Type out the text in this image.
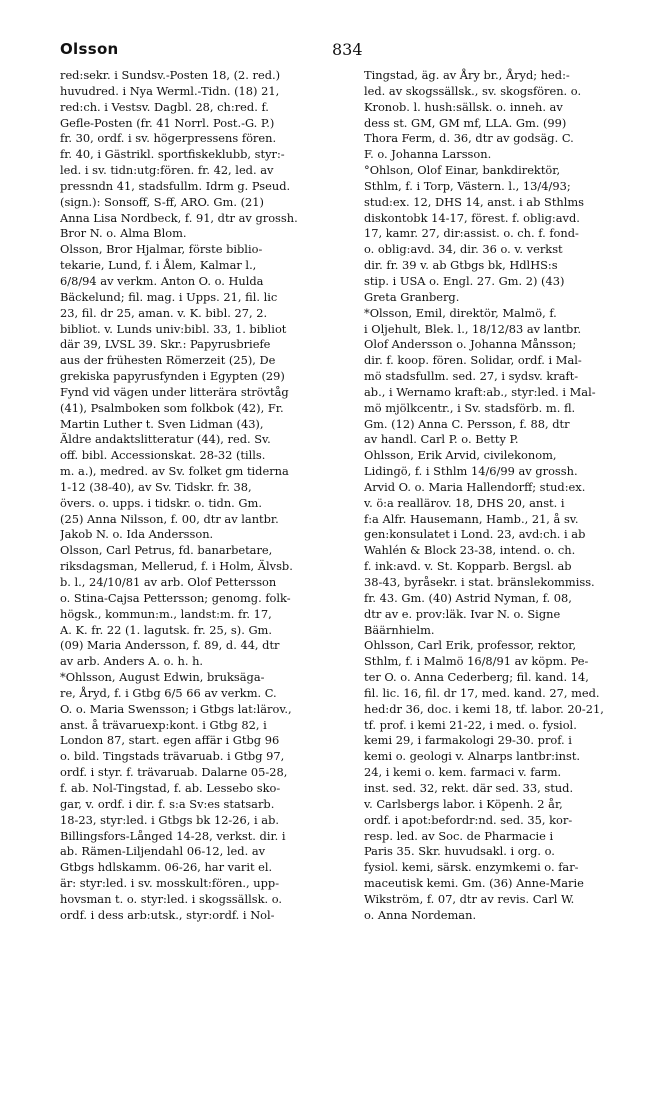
Olsson	834
red:sekr. i Sundsv.-Posten 18, (2. red.)
huvudred. i Nya Werml.-Tidn. (18) 21,
red:ch. i Vestsv. Dagbl. 28, ch:red. f.
Gefle-Posten (fr. 41 Norrl. Post.-G. P.)
fr. 30, ordf. i sv. högerpressens fören.
fr. 40, i Gästrikl. sportfiskeklubb, styr:-
led. i sv. tidn:utg:fören. fr. 42, led. av
pressndn 41, stadsfullm. Idrm g. Pseud.
(sign.): Sonsoff, S-ff, ARO. Gm. (21)
Anna Lisa Nordbeck, f. 91, dtr av grossh.
Bror N. o. Alma Blom.
Olsson, Bror Hjalmar, förste biblio-
tekarie, Lund, f. i Ålem, Kalmar l.,
6/8/94 av verkm. Anton O. o. Hulda
Bäckelund; fil. mag. i Upps. 21, fil. lic
23, fil. dr 25, aman. v. K. bibl. 27, 2.
bibliot. v. Lunds univ:bibl. 33, 1. bibliot
där 39, LVSL 39. Skr.: Papyrusbriefe
aus der frühesten Römerzeit (25), De
grekiska papyrusfynden i Egypten (29)
Fynd vid vägen under litterära strövtåg
(41), Psalmboken som folkbok (42), Fr.
Martin Luther t. Sven Lidman (43),
Äldre andaktslitteratur (44), red. Sv.
off. bibl. Accessionskat. 28-32 (tills.
m. a.), medred. av Sv. folket gm tiderna
1-12 (38-40), av Sv. Tidskr. fr. 38,
övers. o. upps. i tidskr. o. tidn. Gm.
(25) Anna Nilsson, f. 00, dtr av lantbr.
Jakob N. o. Ida Andersson.
Olsson, Carl Petrus, fd. banarbetare,
riksdagsman, Mellerud, f. i Holm, Älvsb.
b. l., 24/10/81 av arb. Olof Pettersson
o. Stina-Cajsa Pettersson; genomg. folk-
högsk., kommun:m., landst:m. fr. 17,
A. K. fr. 22 (1. lagutsk. fr. 25, s). Gm.
(09) Maria Andersson, f. 89, d. 44, dtr
av arb. Anders A. o. h. h.
*Ohlsson, August Edwin, bruksäga-
re, Åryd, f. i Gtbg 6/5 66 av verkm. C.
O. o. Maria Swensson; i Gtbgs lat:lärov.,
anst. å trävaruexp:kont. i Gtbg 82, i
London 87, start. egen affär i Gtbg 96
o. bild. Tingstads trävaruab. i Gtbg 97,
ordf. i styr. f. trävaruab. Dalarne 05-28,
f. ab. Nol-Tingstad, f. ab. Lessebo sko-
gar, v. ordf. i dir. f. s:a Sv:es statsarb.
18-23, styr:led. i Gtbgs bk 12-26, i ab.
Billingsfors-Långed 14-28, verkst. dir. i
ab. Rämen-Liljendahl 06-12, led. av
Gtbgs hdlskamm. 06-26, har varit el.
är: styr:led. i sv. mosskult:fören., upp-
hovsman t. o. styr:led. i skogssällsk. o.
ordf. i dess arb:utsk., styr:ordf. i Nol-
Tingstad, äg. av Åry br., Åryd; hed:-
led. av skogssällsk., sv. skogsfören. o.
Kronob. l. hush:sällsk. o. inneh. av
dess st. GM, GM mf, LLA. Gm. (99)
Thora Ferm, d. 36, dtr av godsäg. C.
F. o. Johanna Larsson.
°Ohlson, Olof Einar, bankdirektör,
Sthlm, f. i Torp, Västern. l., 13/4/93;
stud:ex. 12, DHS 14, anst. i ab Sthlms
diskontobk 14-17, förest. f. oblig:avd.
17, kamr. 27, dir:assist. o. ch. f. fond-
o. oblig:avd. 34, dir. 36 o. v. verkst
dir. fr. 39 v. ab Gtbgs bk, HdlHS:s
stip. i USA o. Engl. 27. Gm. 2) (43)
Greta Granberg.
*Olsson, Emil, direktör, Malmö, f.
i Oljehult, Blek. l., 18/12/83 av lantbr.
Olof Andersson o. Johanna Månsson;
dir. f. koop. fören. Solidar, ordf. i Mal-
mö stadsfullm. sed. 27, i sydsv. kraft-
ab., i Wernamo kraft:ab., styr:led. i Mal-
mö mjölkcentr., i Sv. stadsförb. m. fl.
Gm. (12) Anna C. Persson, f. 88, dtr
av handl. Carl P. o. Betty P.
Ohlsson, Erik Arvid, civilekonom,
Lidingö, f. i Sthlm 14/6/99 av grossh.
Arvid O. o. Maria Hallendorff; stud:ex.
v. ö:a reallärov. 18, DHS 20, anst. i
f:a Alfr. Hausemann, Hamb., 21, å sv.
gen:konsulatet i Lond. 23, avd:ch. i ab
Wahlén & Block 23-38, intend. o. ch.
f. ink:avd. v. St. Kopparb. Bergsl. ab
38-43, byråsekr. i stat. bränslekommiss.
fr. 43. Gm. (40) Astrid Nyman, f. 08,
dtr av e. prov:läk. Ivar N. o. Signe
Bäärnhielm.
Ohlsson, Carl Erik, professor, rektor,
Sthlm, f. i Malmö 16/8/91 av köpm. Pe-
ter O. o. Anna Cederberg; fil. kand. 14,
fil. lic. 16, fil. dr 17, med. kand. 27, med.
hed:dr 36, doc. i kemi 18, tf. labor. 20-21,
tf. prof. i kemi 21-22, i med. o. fysiol.
kemi 29, i farmakologi 29-30. prof. i
kemi o. geologi v. Alnarps lantbr:inst.
24, i kemi o. kem. farmaci v. farm.
inst. sed. 32, rekt. där sed. 33, stud.
v. Carlsbergs labor. i Köpenh. 2 år,
ordf. i apot:befordr:nd. sed. 35, kor-
resp. led. av Soc. de Pharmacie i
Paris 35. Skr. huvudsakl. i org. o.
fysiol. kemi, särsk. enzymkemi o. far-
maceutisk kemi. Gm. (36) Anne-Marie
Wikström, f. 07, dtr av revis. Carl W.
o. Anna Nordeman.
